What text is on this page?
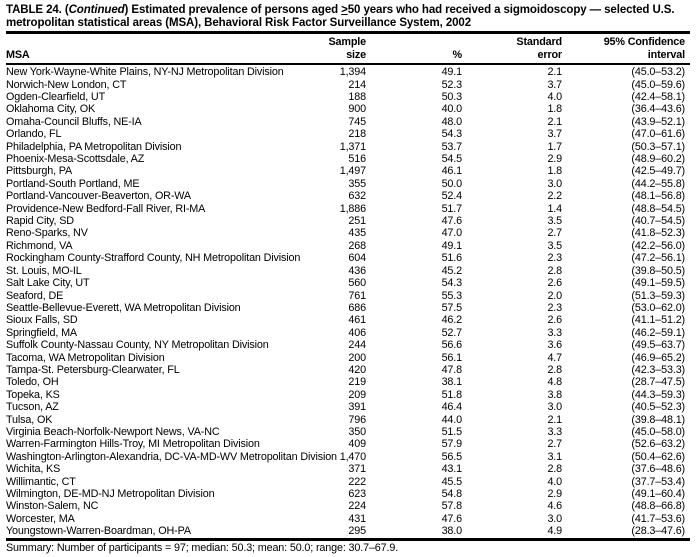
TABLE 24. (Continued) Estimated prevalence of persons aged ≥50 years who had received a sigmoidoscopy — selected U.S. metropolitan statistical areas (MSA), Behavioral Risk Factor Surveillance System, 2002
	Sample		Standard	95% Confidence
MSA	size	%	error	interval
New York-Wayne-White Plains, NY-NJ Metropolitan Division	1,394	49.1	2.1	(45.0–53.2)
Norwich-New London, CT	214	52.3	3.7	(45.0–59.6)
Ogden-Clearfield, UT	188	50.3	4.0	(42.4–58.1)
Oklahoma City, OK	900	40.0	1.8	(36.4–43.6)
Omaha-Council Bluffs, NE-IA	745	48.0	2.1	(43.9–52.1)
Orlando, FL	218	54.3	3.7	(47.0–61.6)
Philadelphia, PA Metropolitan Division	1,371	53.7	1.7	(50.3–57.1)
Phoenix-Mesa-Scottsdale, AZ	516	54.5	2.9	(48.9–60.2)
Pittsburgh, PA	1,497	46.1	1.8	(42.5–49.7)
Portland-South Portland, ME	355	50.0	3.0	(44.2–55.8)
Portland-Vancouver-Beaverton, OR-WA	632	52.4	2.2	(48.1–56.8)
Providence-New Bedford-Fall River, RI-MA	1,886	51.7	1.4	(48.8–54.5)
Rapid City, SD	251	47.6	3.5	(40.7–54.5)
Reno-Sparks, NV	435	47.0	2.7	(41.8–52.3)
Richmond, VA	268	49.1	3.5	(42.2–56.0)
Rockingham County-Strafford County, NH Metropolitan Division	604	51.6	2.3	(47.2–56.1)
St. Louis, MO-IL	436	45.2	2.8	(39.8–50.5)
Salt Lake City, UT	560	54.3	2.6	(49.1–59.5)
Seaford, DE	761	55.3	2.0	(51.3–59.3)
Seattle-Bellevue-Everett, WA Metropolitan Division	686	57.5	2.3	(53.0–62.0)
Sioux Falls, SD	461	46.2	2.6	(41.1–51.2)
Springfield, MA	406	52.7	3.3	(46.2–59.1)
Suffolk County-Nassau County, NY Metropolitan Division	244	56.6	3.6	(49.5–63.7)
Tacoma, WA Metropolitan Division	200	56.1	4.7	(46.9–65.2)
Tampa-St. Petersburg-Clearwater, FL	420	47.8	2.8	(42.3–53.3)
Toledo, OH	219	38.1	4.8	(28.7–47.5)
Topeka, KS	209	51.8	3.8	(44.3–59.3)
Tucson, AZ	391	46.4	3.0	(40.5–52.3)
Tulsa, OK	796	44.0	2.1	(39.8–48.1)
Virginia Beach-Norfolk-Newport News, VA-NC	350	51.5	3.3	(45.0–58.0)
Warren-Farmington Hills-Troy, MI Metropolitan Division	409	57.9	2.7	(52.6–63.2)
Washington-Arlington-Alexandria, DC-VA-MD-WV Metropolitan Division	1,470	56.5	3.1	(50.4–62.6)
Wichita, KS	371	43.1	2.8	(37.6–48.6)
Willimantic, CT	222	45.5	4.0	(37.7–53.4)
Wilmington, DE-MD-NJ Metropolitan Division	623	54.8	2.9	(49.1–60.4)
Winston-Salem, NC	224	57.8	4.6	(48.8–66.8)
Worcester, MA	431	47.6	3.0	(41.7–53.6)
Youngstown-Warren-Boardman, OH-PA	295	38.0	4.9	(28.3–47.6)
Summary: Number of participants = 97; median: 50.3; mean: 50.0; range: 30.7–67.9.
